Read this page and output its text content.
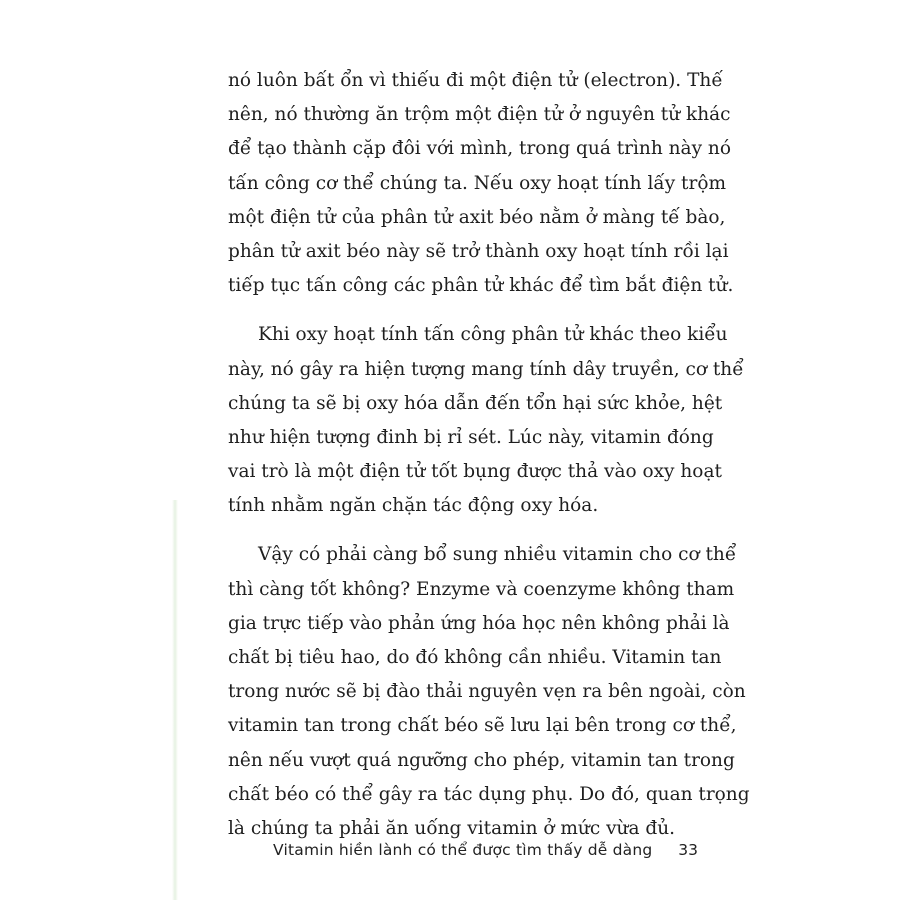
nó luôn bất ổn vì thiếu đi một điện tử (electron). Thế
nên, nó thường ăn trộm một điện tử ở nguyên tử khác
để tạo thành cặp đôi với mình, trong quá trình này nó
tấn công cơ thể chúng ta. Nếu oxy hoạt tính lấy trộm
một điện tử của phân tử axit béo nằm ở màng tế bào,
phân tử axit béo này sẽ trở thành oxy hoạt tính rồi lại
tiếp tục tấn công các phân tử khác để tìm bắt điện tử.
Khi oxy hoạt tính tấn công phân tử khác theo kiểu
này, nó gây ra hiện tượng mang tính dây truyền, cơ thể
chúng ta sẽ bị oxy hóa dẫn đến tổn hại sức khỏe, hệt
như hiện tượng đinh bị rỉ sét. Lúc này, vitamin đóng
vai trò là một điện tử tốt bụng được thả vào oxy hoạt
tính nhằm ngăn chặn tác động oxy hóa.
Vậy có phải càng bổ sung nhiều vitamin cho cơ thể
thì càng tốt không? Enzyme và coenzyme không tham
gia trực tiếp vào phản ứng hóa học nên không phải là
chất bị tiêu hao, do đó không cần nhiều. Vitamin tan
trong nước sẽ bị đào thải nguyên vẹn ra bên ngoài, còn
vitamin tan trong chất béo sẽ lưu lại bên trong cơ thể,
nên nếu vượt quá ngưỡng cho phép, vitamin tan trong
chất béo có thể gây ra tác dụng phụ. Do đó, quan trọng
là chúng ta phải ăn uống vitamin ở mức vừa đủ.
Vitamin hiền lành có thể được tìm thấy dễ dàng 33
